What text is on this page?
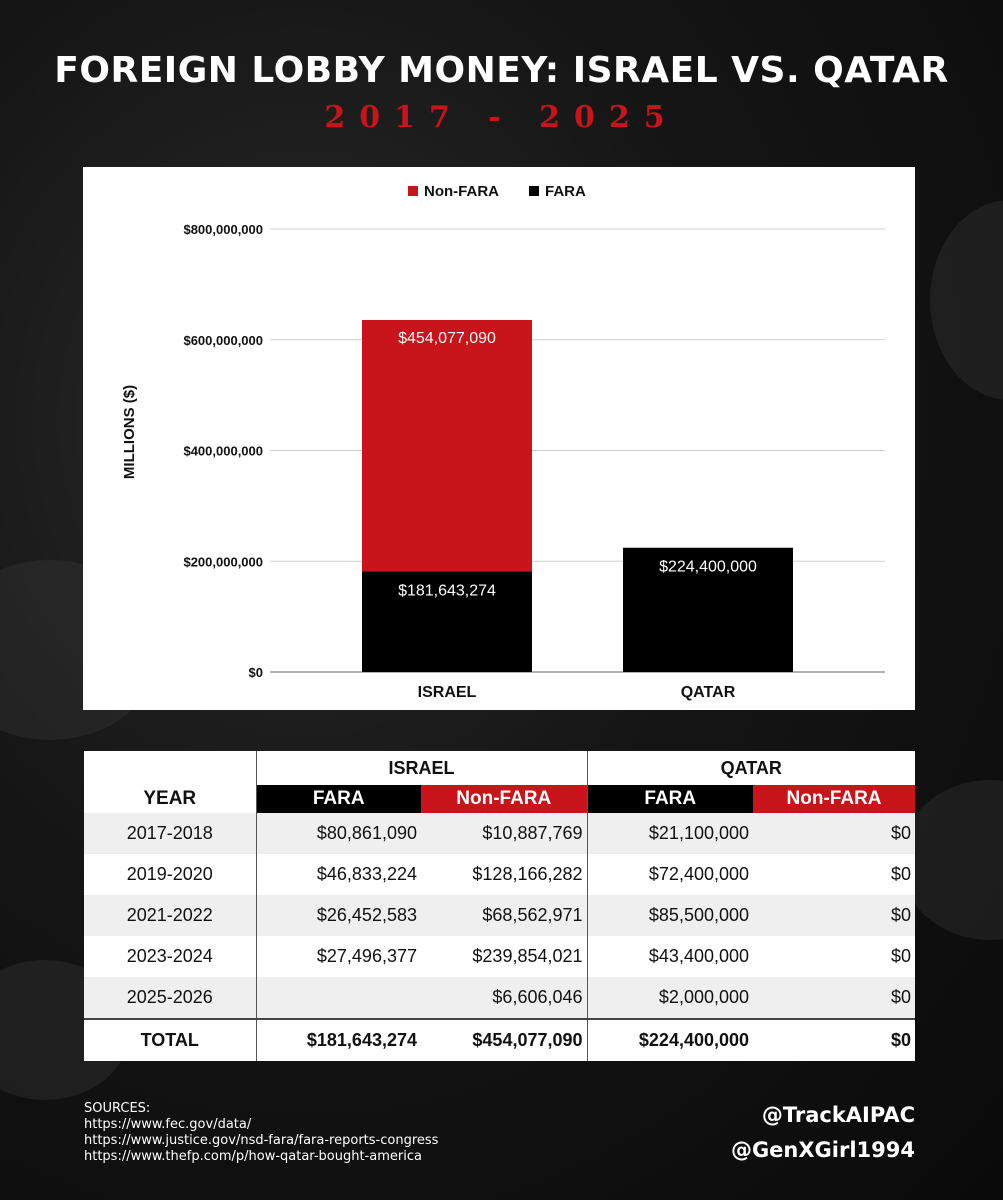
FOREIGN LOBBY MONEY: ISRAEL VS. QATAR
2017 - 2025
$0
$200,000,000
$400,000,000
$600,000,000
$800,000,000
MILLIONS ($)
Non-FARA	FARA
$181,643,274
$454,077,090
ISRAEL
$224,400,000
QATAR
	ISRAEL		QATAR	
YEAR	FARA	Non-FARA	FARA	Non-FARA
2017-2018	$80,861,090	$10,887,769	$21,100,000	$0
2019-2020	$46,833,224	$128,166,282	$72,400,000	$0
2021-2022	$26,452,583	$68,562,971	$85,500,000	$0
2023-2024	$27,496,377	$239,854,021	$43,400,000	$0
2025-2026		$6,606,046	$2,000,000	$0
TOTAL	$181,643,274	$454,077,090	$224,400,000	$0
SOURCES:
https://www.fec.gov/data/
https://www.justice.gov/nsd-fara/fara-reports-congress
https://www.thefp.com/p/how-qatar-bought-america
@TrackAIPAC
@GenXGirl1994
